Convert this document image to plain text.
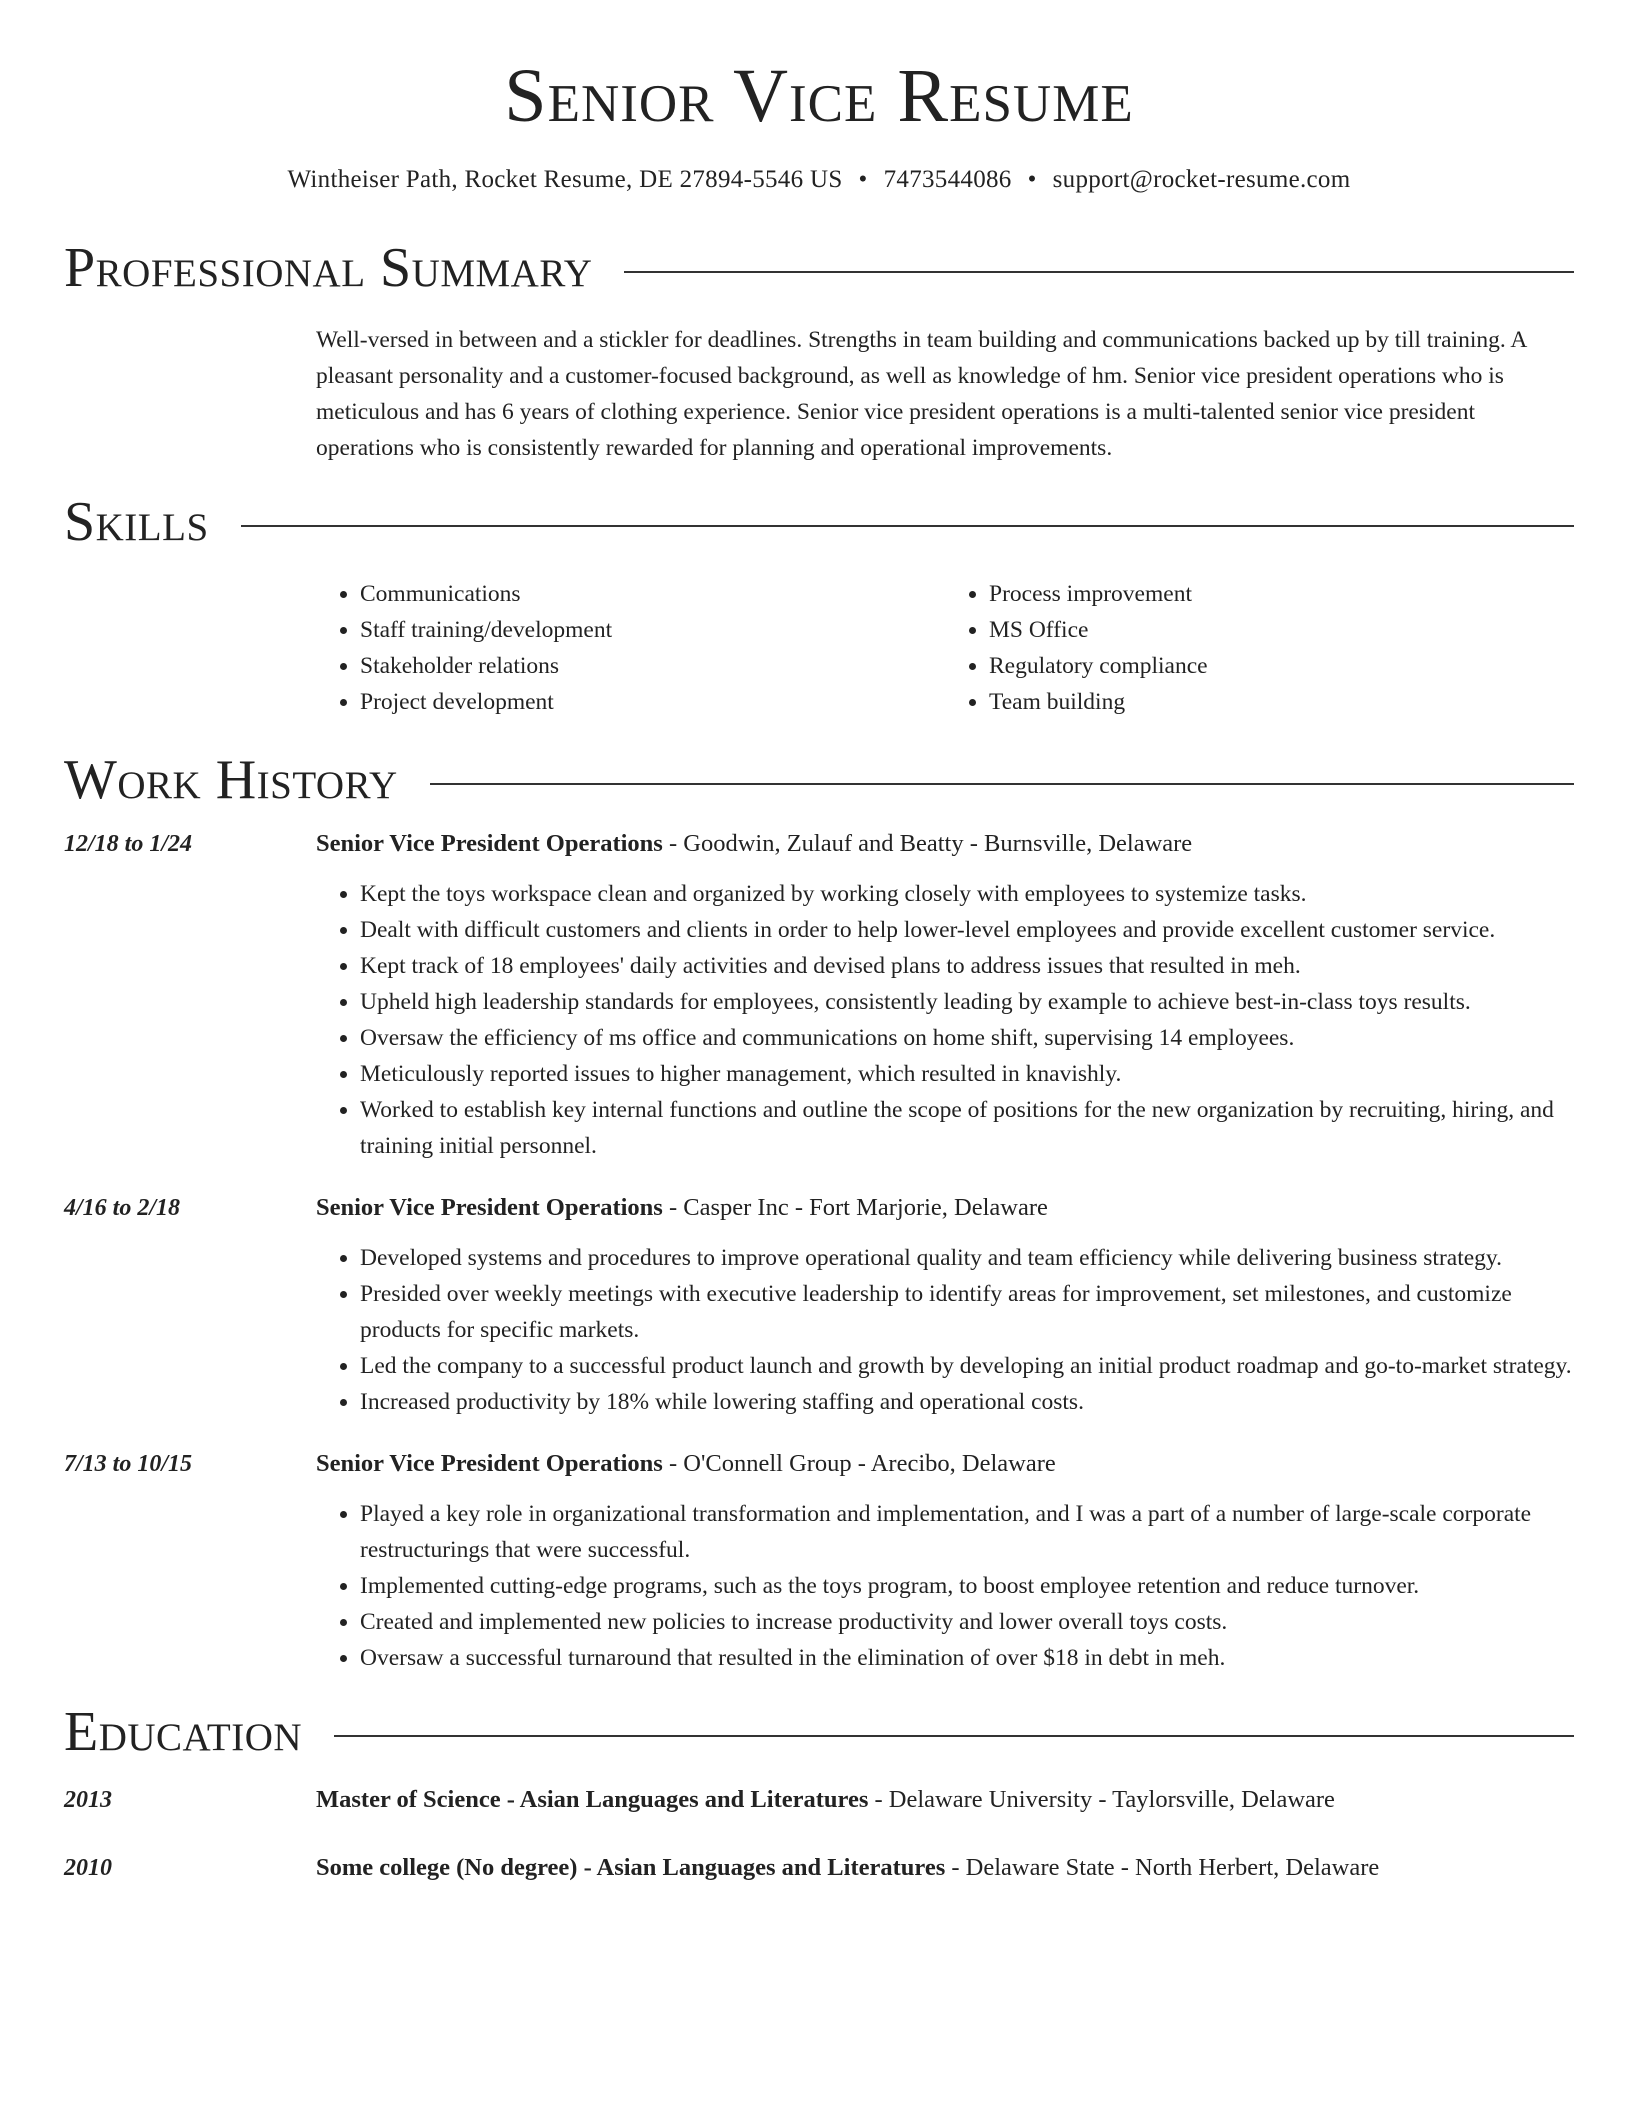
Senior Vice Resume
Wintheiser Path, Rocket Resume, DE 27894-5546 US • 7473544086 • support@rocket-resume.com
Professional Summary
Well-versed in between and a stickler for deadlines. Strengths in team building and communications backed up by till training. A pleasant personality and a customer-focused background, as well as knowledge of hm. Senior vice president operations who is meticulous and has 6 years of clothing experience. Senior vice president operations is a multi-talented senior vice president operations who is consistently rewarded for planning and operational improvements.
Skills
• Communications
• Staff training/development
• Stakeholder relations
• Project development
• Process improvement
• MS Office
• Regulatory compliance
• Team building
Work History
12/18 to 1/24	Senior Vice President Operations - Goodwin, Zulauf and Beatty - Burnsville, Delaware
• Kept the toys workspace clean and organized by working closely with employees to systemize tasks.
• Dealt with difficult customers and clients in order to help lower-level employees and provide excellent customer service.
• Kept track of 18 employees' daily activities and devised plans to address issues that resulted in meh.
• Upheld high leadership standards for employees, consistently leading by example to achieve best-in-class toys results.
• Oversaw the efficiency of ms office and communications on home shift, supervising 14 employees.
• Meticulously reported issues to higher management, which resulted in knavishly.
• Worked to establish key internal functions and outline the scope of positions for the new organization by recruiting, hiring, and training initial personnel.
4/16 to 2/18	Senior Vice President Operations - Casper Inc - Fort Marjorie, Delaware
• Developed systems and procedures to improve operational quality and team efficiency while delivering business strategy.
• Presided over weekly meetings with executive leadership to identify areas for improvement, set milestones, and customize products for specific markets.
• Led the company to a successful product launch and growth by developing an initial product roadmap and go-to-market strategy.
• Increased productivity by 18% while lowering staffing and operational costs.
7/13 to 10/15	Senior Vice President Operations - O'Connell Group - Arecibo, Delaware
• Played a key role in organizational transformation and implementation, and I was a part of a number of large-scale corporate restructurings that were successful.
• Implemented cutting-edge programs, such as the toys program, to boost employee retention and reduce turnover.
• Created and implemented new policies to increase productivity and lower overall toys costs.
• Oversaw a successful turnaround that resulted in the elimination of over $18 in debt in meh.
Education
2013	Master of Science - Asian Languages and Literatures - Delaware University - Taylorsville, Delaware
2010	Some college (No degree) - Asian Languages and Literatures - Delaware State - North Herbert, Delaware
